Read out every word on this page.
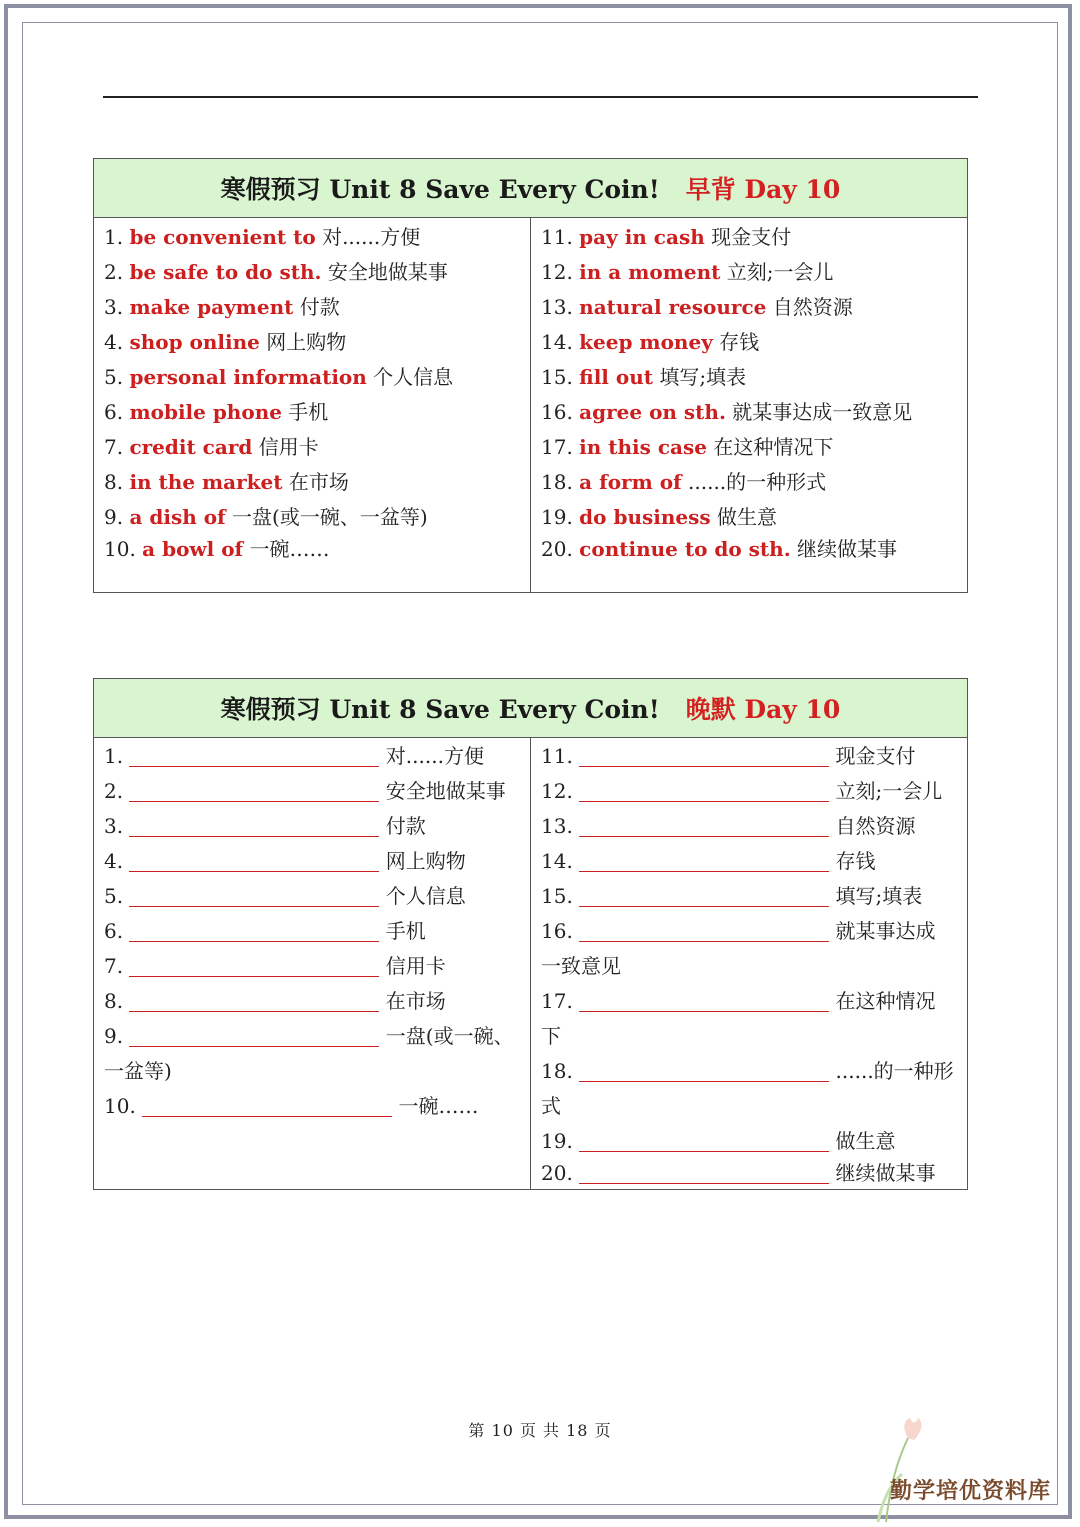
寒假预习 Unit 8 Save Every Coin! 早背 Day 10
1. be convenient to 对......方便
2. be safe to do sth. 安全地做某事
3. make payment 付款
4. shop online 网上购物
5. personal information 个人信息
6. mobile phone 手机
7. credit card 信用卡
8. in the market 在市场
9. a dish of 一盘(或一碗、一盆等)
10. a bowl of 一碗……
11. pay in cash 现金支付
12. in a moment 立刻;一会儿
13. natural resource 自然资源
14. keep money 存钱
15. fill out 填写;填表
16. agree on sth. 就某事达成一致意见
17. in this case 在这种情况下
18. a form of ......的一种形式
19. do business 做生意
20. continue to do sth. 继续做某事
寒假预习 Unit 8 Save Every Coin! 晚默 Day 10
1.	对......方便
2.	安全地做某事
3.	付款
4.	网上购物
5.	个人信息
6.	手机
7.	信用卡
8.	在市场
9.	一盘(或一碗、
一盆等)
10.	一碗……
11.	现金支付
12.	立刻;一会儿
13.	自然资源
14.	存钱
15.	填写;填表
16.	就某事达成
一致意见
17.	在这种情况
下
18.	......的一种形
式
19.	做生意
20.	继续做某事
第 10 页 共 18 页
勤学培优资料库
